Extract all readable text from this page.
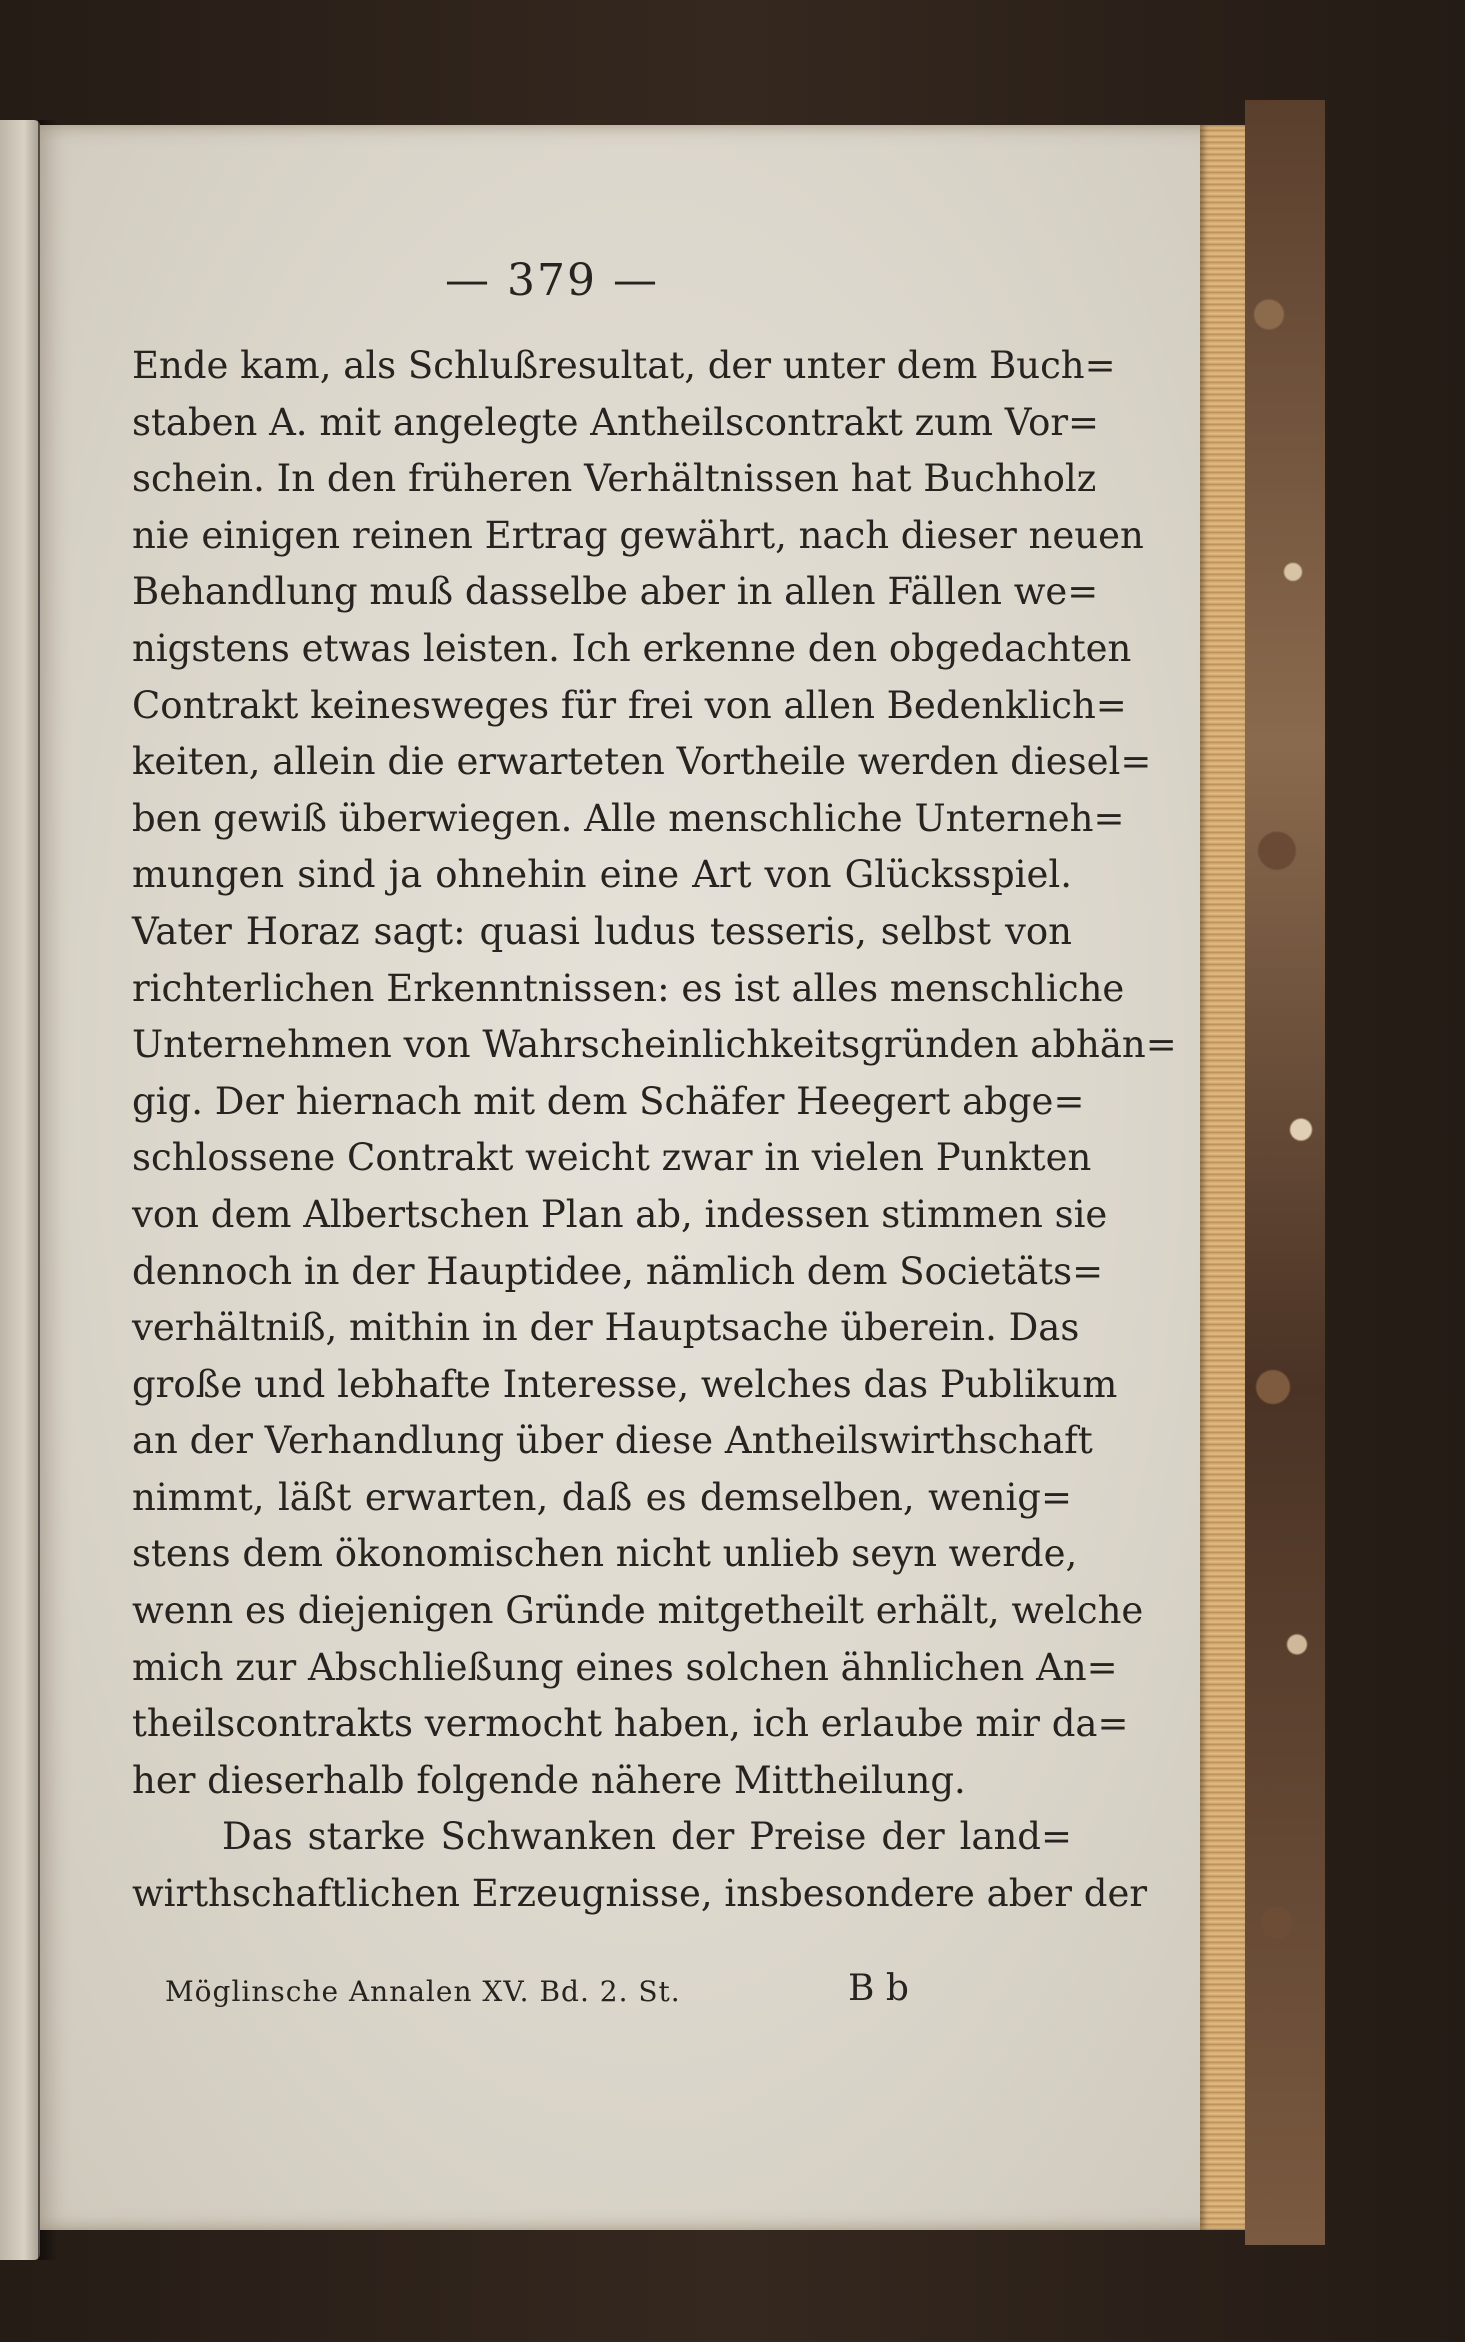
— 379 —
Ende kam, als Schlußresultat, der unter dem Buch=
staben A. mit angelegte Antheilscontrakt zum Vor=
schein. In den früheren Verhältnissen hat Buchholz
nie einigen reinen Ertrag gewährt, nach dieser neuen
Behandlung muß dasselbe aber in allen Fällen we=
nigstens etwas leisten. Ich erkenne den obgedachten
Contrakt keinesweges für frei von allen Bedenklich=
keiten, allein die erwarteten Vortheile werden diesel=
ben gewiß überwiegen. Alle menschliche Unterneh=
mungen sind ja ohnehin eine Art von Glücksspiel.
Vater Horaz sagt: quasi ludus tesseris, selbst von
richterlichen Erkenntnissen: es ist alles menschliche
Unternehmen von Wahrscheinlichkeitsgründen abhän=
gig. Der hiernach mit dem Schäfer Heegert abge=
schlossene Contrakt weicht zwar in vielen Punkten
von dem Albertschen Plan ab, indessen stimmen sie
dennoch in der Hauptidee, nämlich dem Societäts=
verhältniß, mithin in der Hauptsache überein. Das
große und lebhafte Interesse, welches das Publikum
an der Verhandlung über diese Antheilswirthschaft
nimmt, läßt erwarten, daß es demselben, wenig=
stens dem ökonomischen nicht unlieb seyn werde,
wenn es diejenigen Gründe mitgetheilt erhält, welche
mich zur Abschließung eines solchen ähnlichen An=
theilscontrakts vermocht haben, ich erlaube mir da=
her dieserhalb folgende nähere Mittheilung.
Das starke Schwanken der Preise der land=
wirthschaftlichen Erzeugnisse, insbesondere aber der
Möglinsche Annalen XV. Bd. 2. St.	B b
